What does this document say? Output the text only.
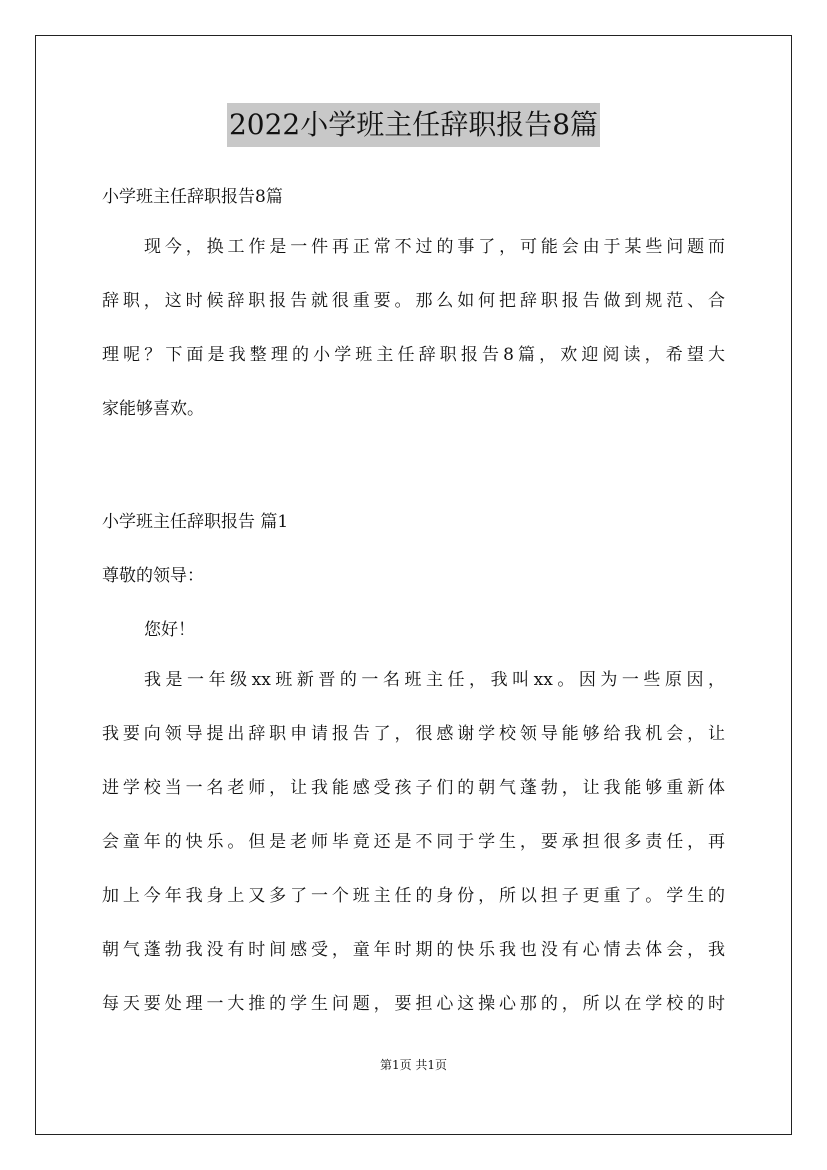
2022小学班主任辞职报告8篇
小学班主任辞职报告8篇
现今，换工作是一件再正常不过的事了，可能会由于某些问题而
辞职，这时候辞职报告就很重要。那么如何把辞职报告做到规范、合
理呢？下面是我整理的小学班主任辞职报告8篇，欢迎阅读，希望大
家能够喜欢。
小学班主任辞职报告 篇1
尊敬的领导：
您好！
我是一年级xx班新晋的一名班主任，我叫xx。因为一些原因，
我要向领导提出辞职申请报告了，很感谢学校领导能够给我机会，让
进学校当一名老师，让我能感受孩子们的朝气蓬勃，让我能够重新体
会童年的快乐。但是老师毕竟还是不同于学生，要承担很多责任，再
加上今年我身上又多了一个班主任的身份，所以担子更重了。学生的
朝气蓬勃我没有时间感受，童年时期的快乐我也没有心情去体会，我
每天要处理一大推的学生问题，要担心这操心那的，所以在学校的时
第1页 共1页
